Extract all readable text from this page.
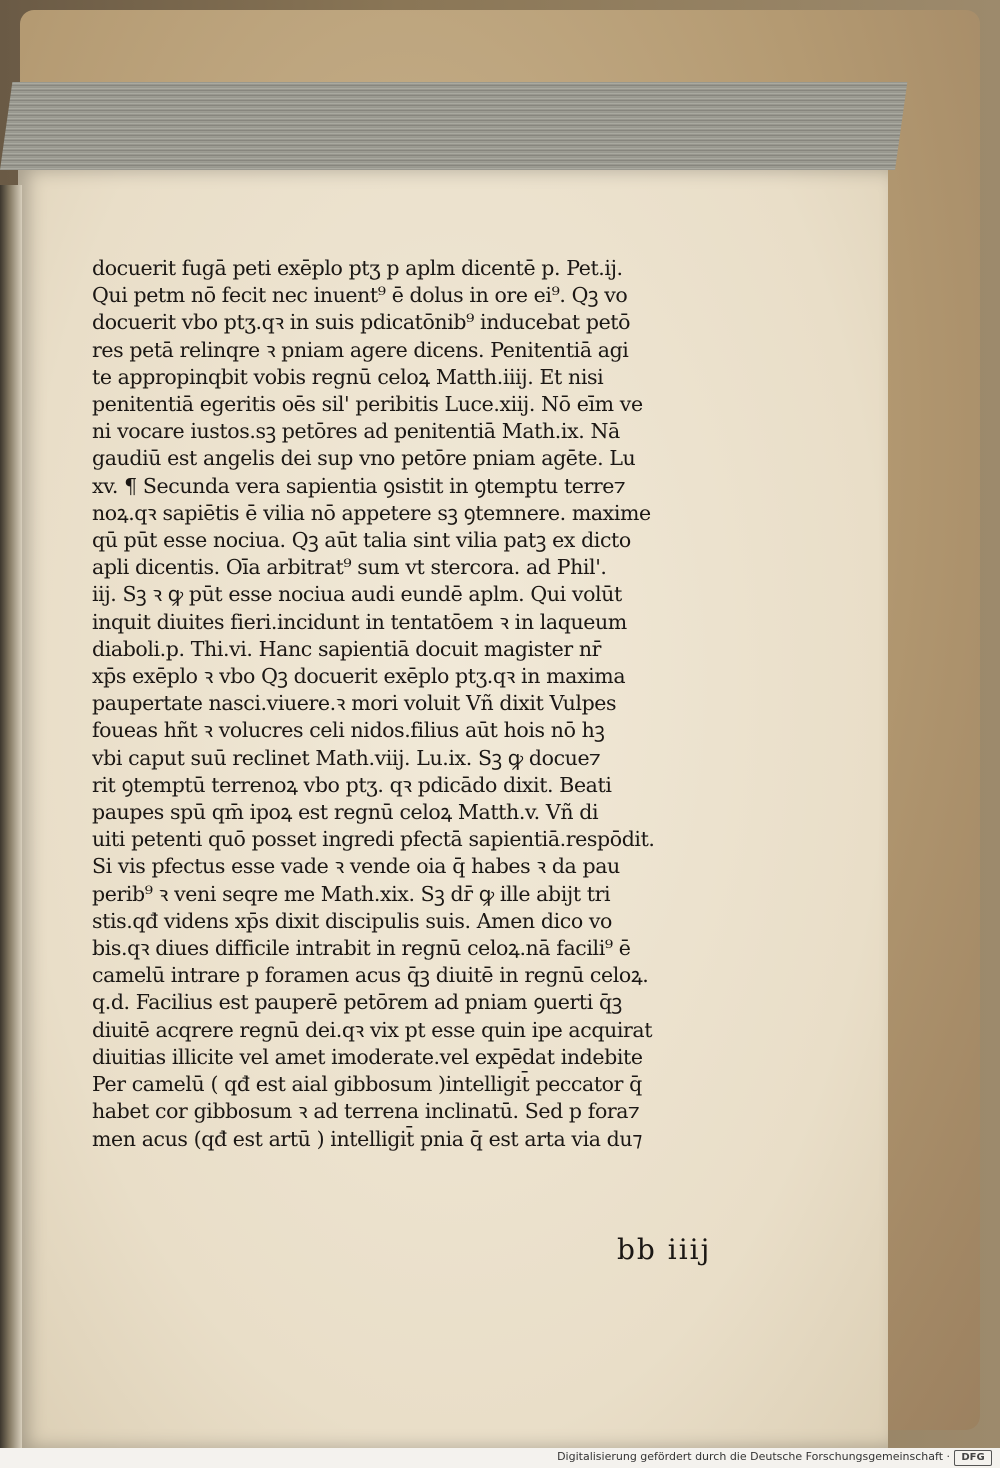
docuerit fugā peti exēplo ptʒ p aplm dicentē p. Pet.ij.
Qui petm nō fecit nec inuent⁹ ē dolus in ore ei⁹. Qꝫ vo
docuerit vbo ptʒ.qꝛ in suis pdicatōnib⁹ inducebat petō
res petā relinqre ꝛ pniam agere dicens. Penitentiā agi
te appropinqbit vobis regnū celoꝝ Matth.iiij. Et nisi
penitentiā egeritis oēs sil' peribitis Luce.xiij. Nō eīm ve
ni vocare iustos.sꝫ petōres ad penitentiā Math.ix. Nā
gaudiū est angelis dei sup vno petōre pniam agēte. Lu
xv. ¶ Secunda vera sapientia ꝯsistit in ꝯtemptu terre⁊
noꝝ.qꝛ sapiētis ē vilia nō appetere sꝫ ꝯtemnere. maxime
qū pūt esse nociua. Qꝫ aūt talia sint vilia patꝫ ex dicto
apli dicentis. Oīa arbitrat⁹ sum vt stercora. ad Phil'.
iij. Sꝫ ꝛ ꝙ pūt esse nociua audi eundē aplm. Qui volūt
inquit diuites fieri.incidunt in tentatōem ꝛ in laqueum
diaboli.p. Thi.vi. Hanc sapientiā docuit magister nr̄
xp̄s exēplo ꝛ vbo Qꝫ docuerit exēplo ptʒ.qꝛ in maxima
paupertate nasci.viuere.ꝛ mori voluit Vñ dixit Vulpes
foueas hñt ꝛ volucres celi nidos.filius aūt hois nō hꝫ
vbi caput suū reclinet Math.viij. Lu.ix. Sꝫ ꝙ docue⁊
rit ꝯtemptū terrenoꝝ vbo ptʒ. qꝛ pdicādo dixit. Beati
paupes spū qm̄ ipoꝝ est regnū celoꝝ Matth.v. Vñ di
uiti petenti quō posset ingredi pfectā sapientiā.respōdit.
Si vis pfectus esse vade ꝛ vende oia q̄ habes ꝛ da pau
perib⁹ ꝛ veni seqre me Math.xix. Sꝫ dr̄ ꝙ ille abijt tri
stis.qđ videns xp̄s dixit discipulis suis. Amen dico vo
bis.qꝛ diues difficile intrabit in regnū celoꝝ.nā facili⁹ ē
camelū intrare p foramen acus q̄ꝫ diuitē in regnū celoꝝ.
q.d. Facilius est pauperē petōrem ad pniam ꝯuerti q̄ꝫ
diuitē acqrere regnū dei.qꝛ vix pt esse quin ipe acquirat
diuitias illicite vel amet imoderate.vel expēdat indebite
Per camelū ( qđ est aial gibbosum )intelligit̄ peccator q̄
habet cor gibbosum ꝛ ad terrena inclinatū. Sed p fora⁊
men acus (qđ est artū ) intelligit̄ pnia q̄ est arta via du⁊
bb iiij
Digitalisierung gefördert durch die Deutsche Forschungsgemeinschaft ·	DFG
